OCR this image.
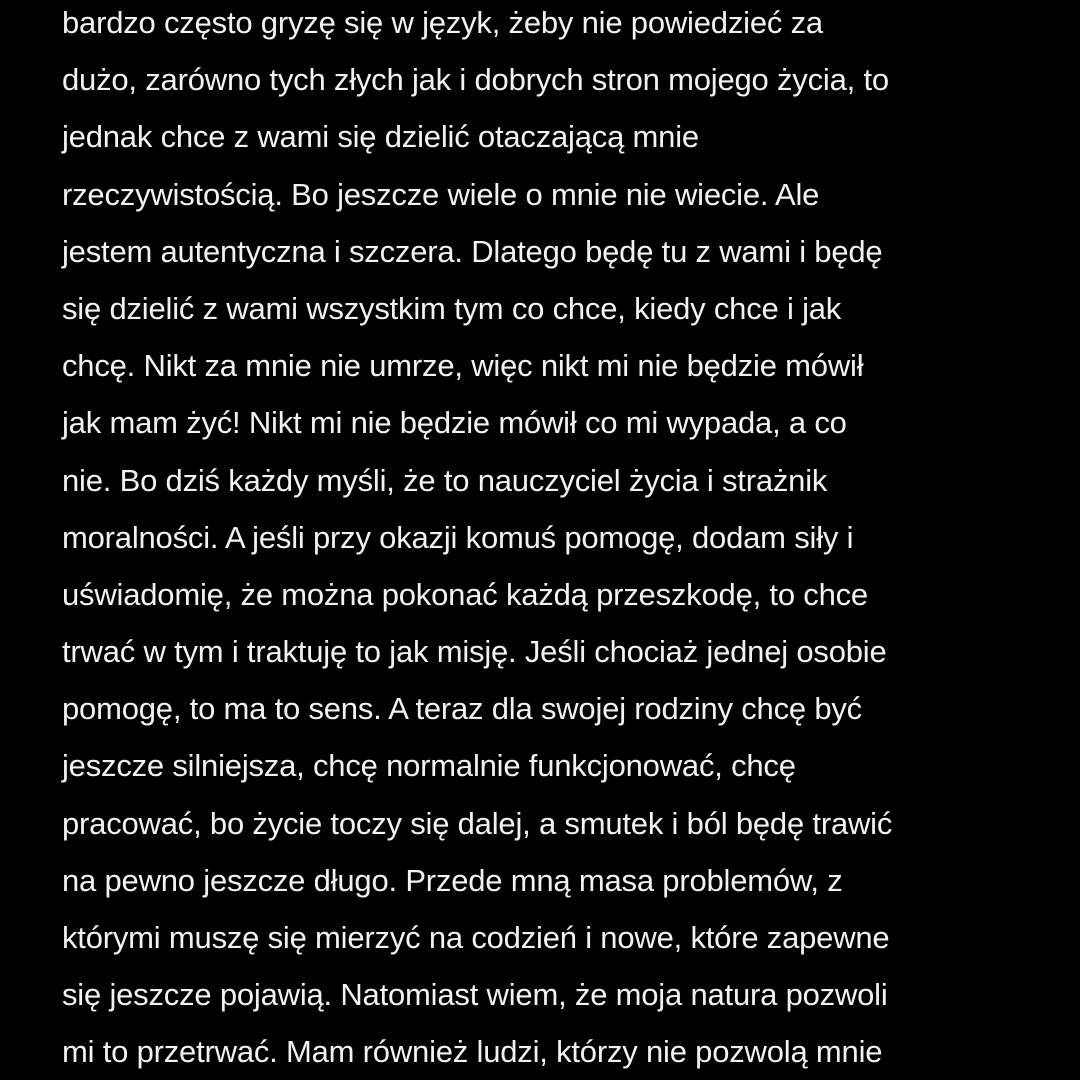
bardzo często gryzę się w język, żeby nie powiedzieć za
dużo, zarówno tych złych jak i dobrych stron mojego życia, to
jednak chce z wami się dzielić otaczającą mnie
rzeczywistością. Bo jeszcze wiele o mnie nie wiecie. Ale
jestem autentyczna i szczera. Dlatego będę tu z wami i będę
się dzielić z wami wszystkim tym co chce, kiedy chce i jak
chcę. Nikt za mnie nie umrze, więc nikt mi nie będzie mówił
jak mam żyć! Nikt mi nie będzie mówił co mi wypada, a co
nie. Bo dziś każdy myśli, że to nauczyciel życia i strażnik
moralności. A jeśli przy okazji komuś pomogę, dodam siły i
uświadomię, że można pokonać każdą przeszkodę, to chce
trwać w tym i traktuję to jak misję. Jeśli chociaż jednej osobie
pomogę, to ma to sens. A teraz dla swojej rodziny chcę być
jeszcze silniejsza, chcę normalnie funkcjonować, chcę
pracować, bo życie toczy się dalej, a smutek i ból będę trawić
na pewno jeszcze długo. Przede mną masa problemów, z
którymi muszę się mierzyć na codzień i nowe, które zapewne
się jeszcze pojawią. Natomiast wiem, że moja natura pozwoli
mi to przetrwać. Mam również ludzi, którzy nie pozwolą mnie
